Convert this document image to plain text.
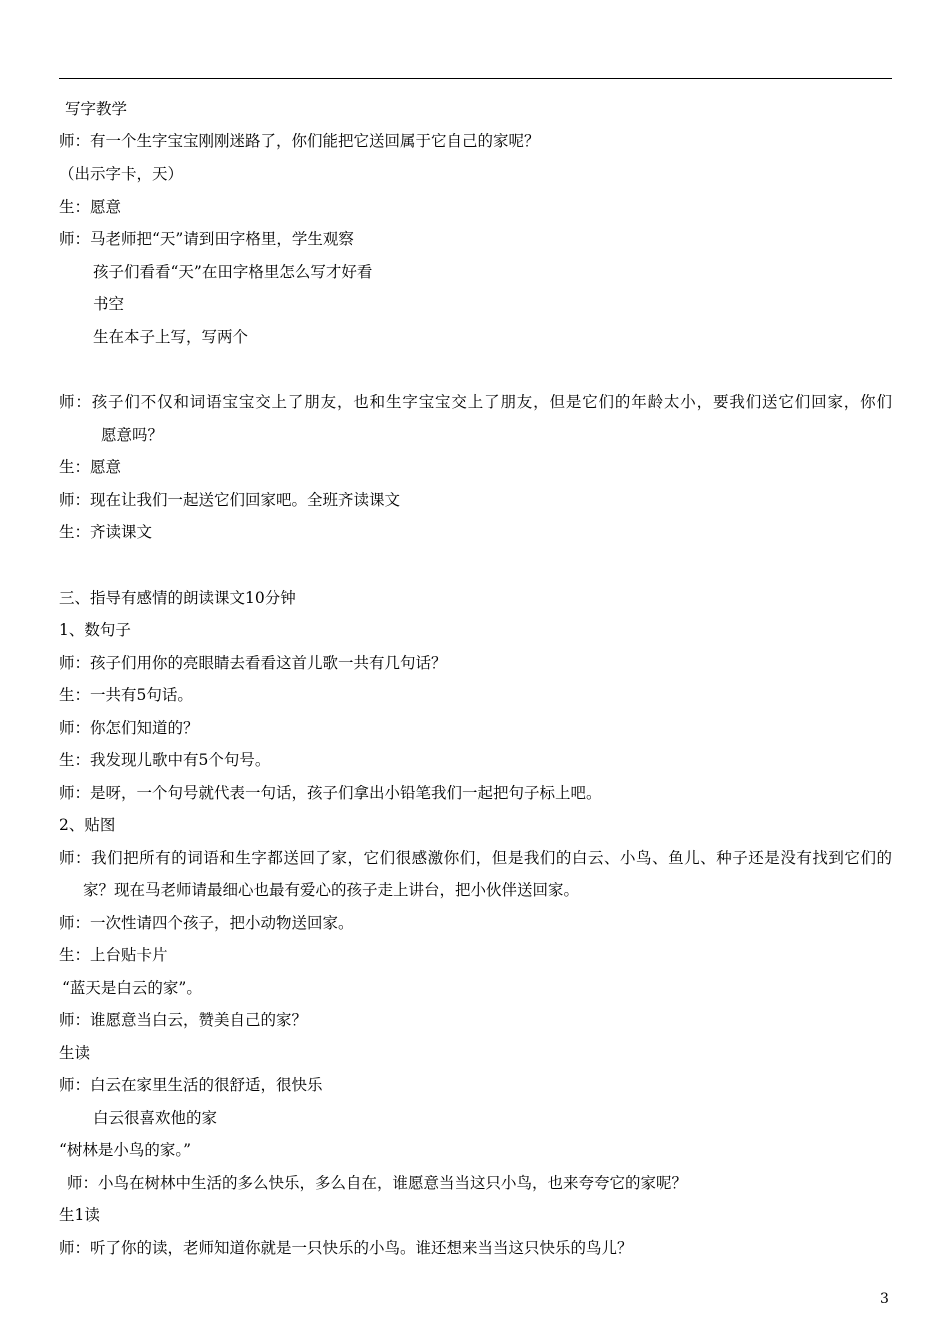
写字教学
师：有一个生字宝宝刚刚迷路了，你们能把它送回属于它自己的家呢？
（出示字卡，天）
生：愿意
师：马老师把“天”请到田字格里，学生观察
孩子们看看“天”在田字格里怎么写才好看
书空
生在本子上写，写两个
师：孩子们不仅和词语宝宝交上了朋友，也和生字宝宝交上了朋友，但是它们的年龄太小，要我们送它们回家，你们
愿意吗？
生：愿意
师：现在让我们一起送它们回家吧。全班齐读课文
生：齐读课文
三、指导有感情的朗读课文10分钟
1、数句子
师：孩子们用你的亮眼睛去看看这首儿歌一共有几句话？
生：一共有5句话。
师：你怎们知道的？
生：我发现儿歌中有5个句号。
师：是呀，一个句号就代表一句话，孩子们拿出小铅笔我们一起把句子标上吧。
2、贴图
师：我们把所有的词语和生字都送回了家，它们很感激你们，但是我们的白云、小鸟、鱼儿、种子还是没有找到它们的
家？现在马老师请最细心也最有爱心的孩子走上讲台，把小伙伴送回家。
师：一次性请四个孩子，把小动物送回家。
生：上台贴卡片
“蓝天是白云的家”。
师：谁愿意当白云，赞美自己的家？
生读
师：白云在家里生活的很舒适，很快乐
白云很喜欢他的家
“树林是小鸟的家。”
师：小鸟在树林中生活的多么快乐，多么自在，谁愿意当当这只小鸟，也来夸夸它的家呢？
生1读
师：听了你的读，老师知道你就是一只快乐的小鸟。谁还想来当当这只快乐的鸟儿？
3
